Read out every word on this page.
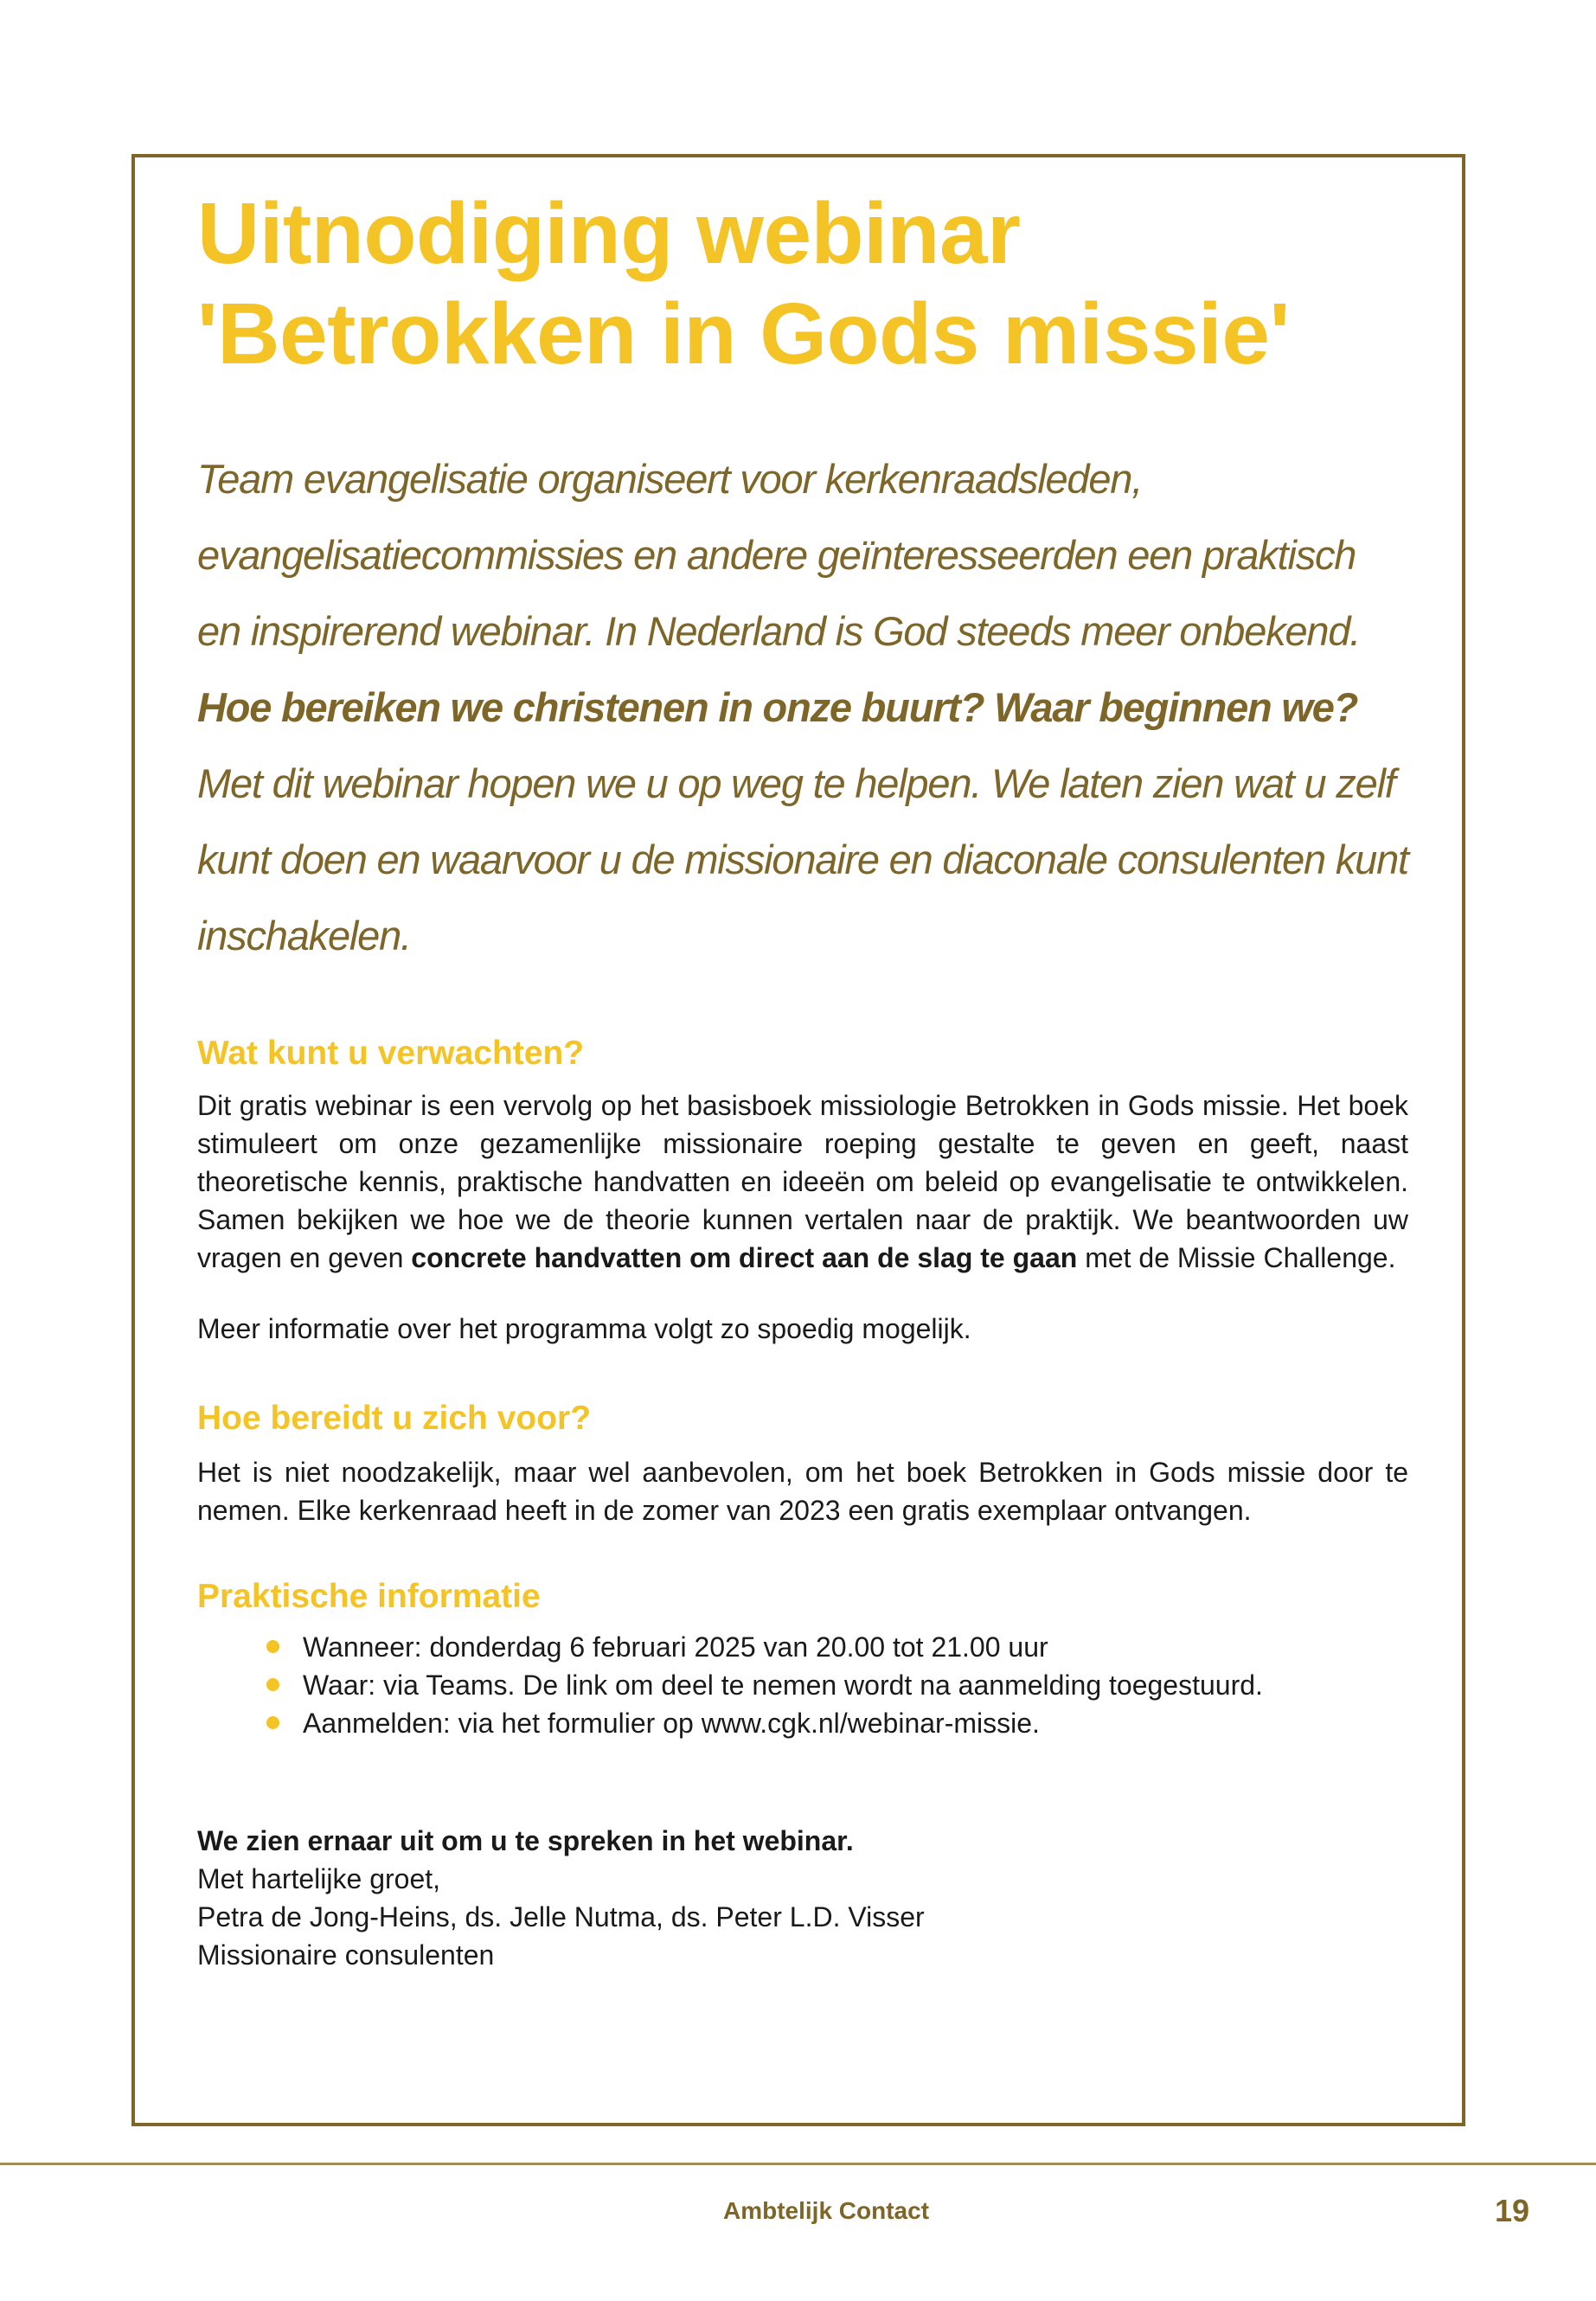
Uitnodiging webinar
'Betrokken in Gods missie'

Team evangelisatie organiseert voor kerkenraadsleden, evangelisatiecommissies en andere geïnteresseerden een praktisch en inspirerend webinar. In Nederland is God steeds meer onbekend. Hoe bereiken we christenen in onze buurt? Waar beginnen we? Met dit webinar hopen we u op weg te helpen. We laten zien wat u zelf kunt doen en waarvoor u de missionaire en diaconale consulenten kunt inschakelen.

Wat kunt u verwachten?

Dit gratis webinar is een vervolg op het basisboek missiologie Betrokken in Gods missie. Het boek stimuleert om onze gezamenlijke missionaire roeping gestalte te geven en geeft, naast theoretische kennis, praktische handvatten en ideeën om beleid op evangelisatie te ontwikkelen. Samen bekijken we hoe we de theorie kunnen vertalen naar de praktijk. We beantwoorden uw vragen en geven concrete handvatten om direct aan de slag te gaan met de Missie Challenge.

Meer informatie over het programma volgt zo spoedig mogelijk.

Hoe bereidt u zich voor?

Het is niet noodzakelijk, maar wel aanbevolen, om het boek Betrokken in Gods missie door te nemen. Elke kerkenraad heeft in de zomer van 2023 een gratis exemplaar ontvangen.

Praktische informatie
Wanneer: donderdag 6 februari 2025 van 20.00 tot 21.00 uur
Waar: via Teams. De link om deel te nemen wordt na aanmelding toegestuurd.
Aanmelden: via het formulier op www.cgk.nl/webinar-missie.
We zien ernaar uit om u te spreken in het webinar.
Met hartelijke groet,
Petra de Jong-Heins, ds. Jelle Nutma, ds. Peter L.D. Visser
Missionaire consulenten
Ambtelijk Contact	19
